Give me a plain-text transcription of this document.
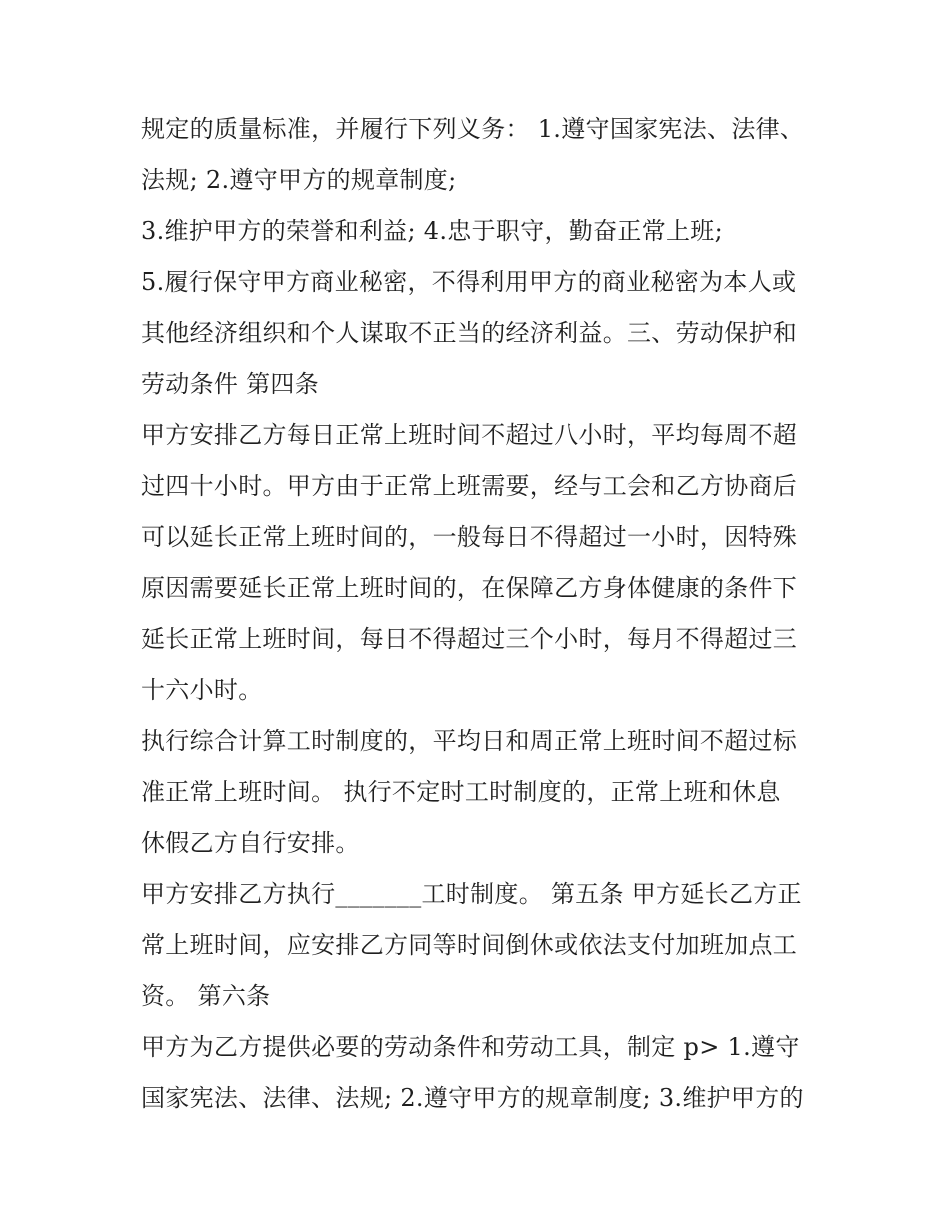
规定的质量标准，并履行下列义务： 1.遵守国家宪法、法律、
法规; 2.遵守甲方的规章制度;
3.维护甲方的荣誉和利益; 4.忠于职守，勤奋正常上班;
5.履行保守甲方商业秘密，不得利用甲方的商业秘密为本人或
其他经济组织和个人谋取不正当的经济利益。三、劳动保护和
劳动条件 第四条
甲方安排乙方每日正常上班时间不超过八小时，平均每周不超
过四十小时。甲方由于正常上班需要，经与工会和乙方协商后
可以延长正常上班时间的，一般每日不得超过一小时，因特殊
原因需要延长正常上班时间的，在保障乙方身体健康的条件下
延长正常上班时间，每日不得超过三个小时，每月不得超过三
十六小时。
执行综合计算工时制度的，平均日和周正常上班时间不超过标
准正常上班时间。 执行不定时工时制度的，正常上班和休息
休假乙方自行安排。
甲方安排乙方执行_______工时制度。 第五条 甲方延长乙方正
常上班时间，应安排乙方同等时间倒休或依法支付加班加点工
资。 第六条
甲方为乙方提供必要的劳动条件和劳动工具，制定 p> 1.遵守
国家宪法、法律、法规; 2.遵守甲方的规章制度; 3.维护甲方的
